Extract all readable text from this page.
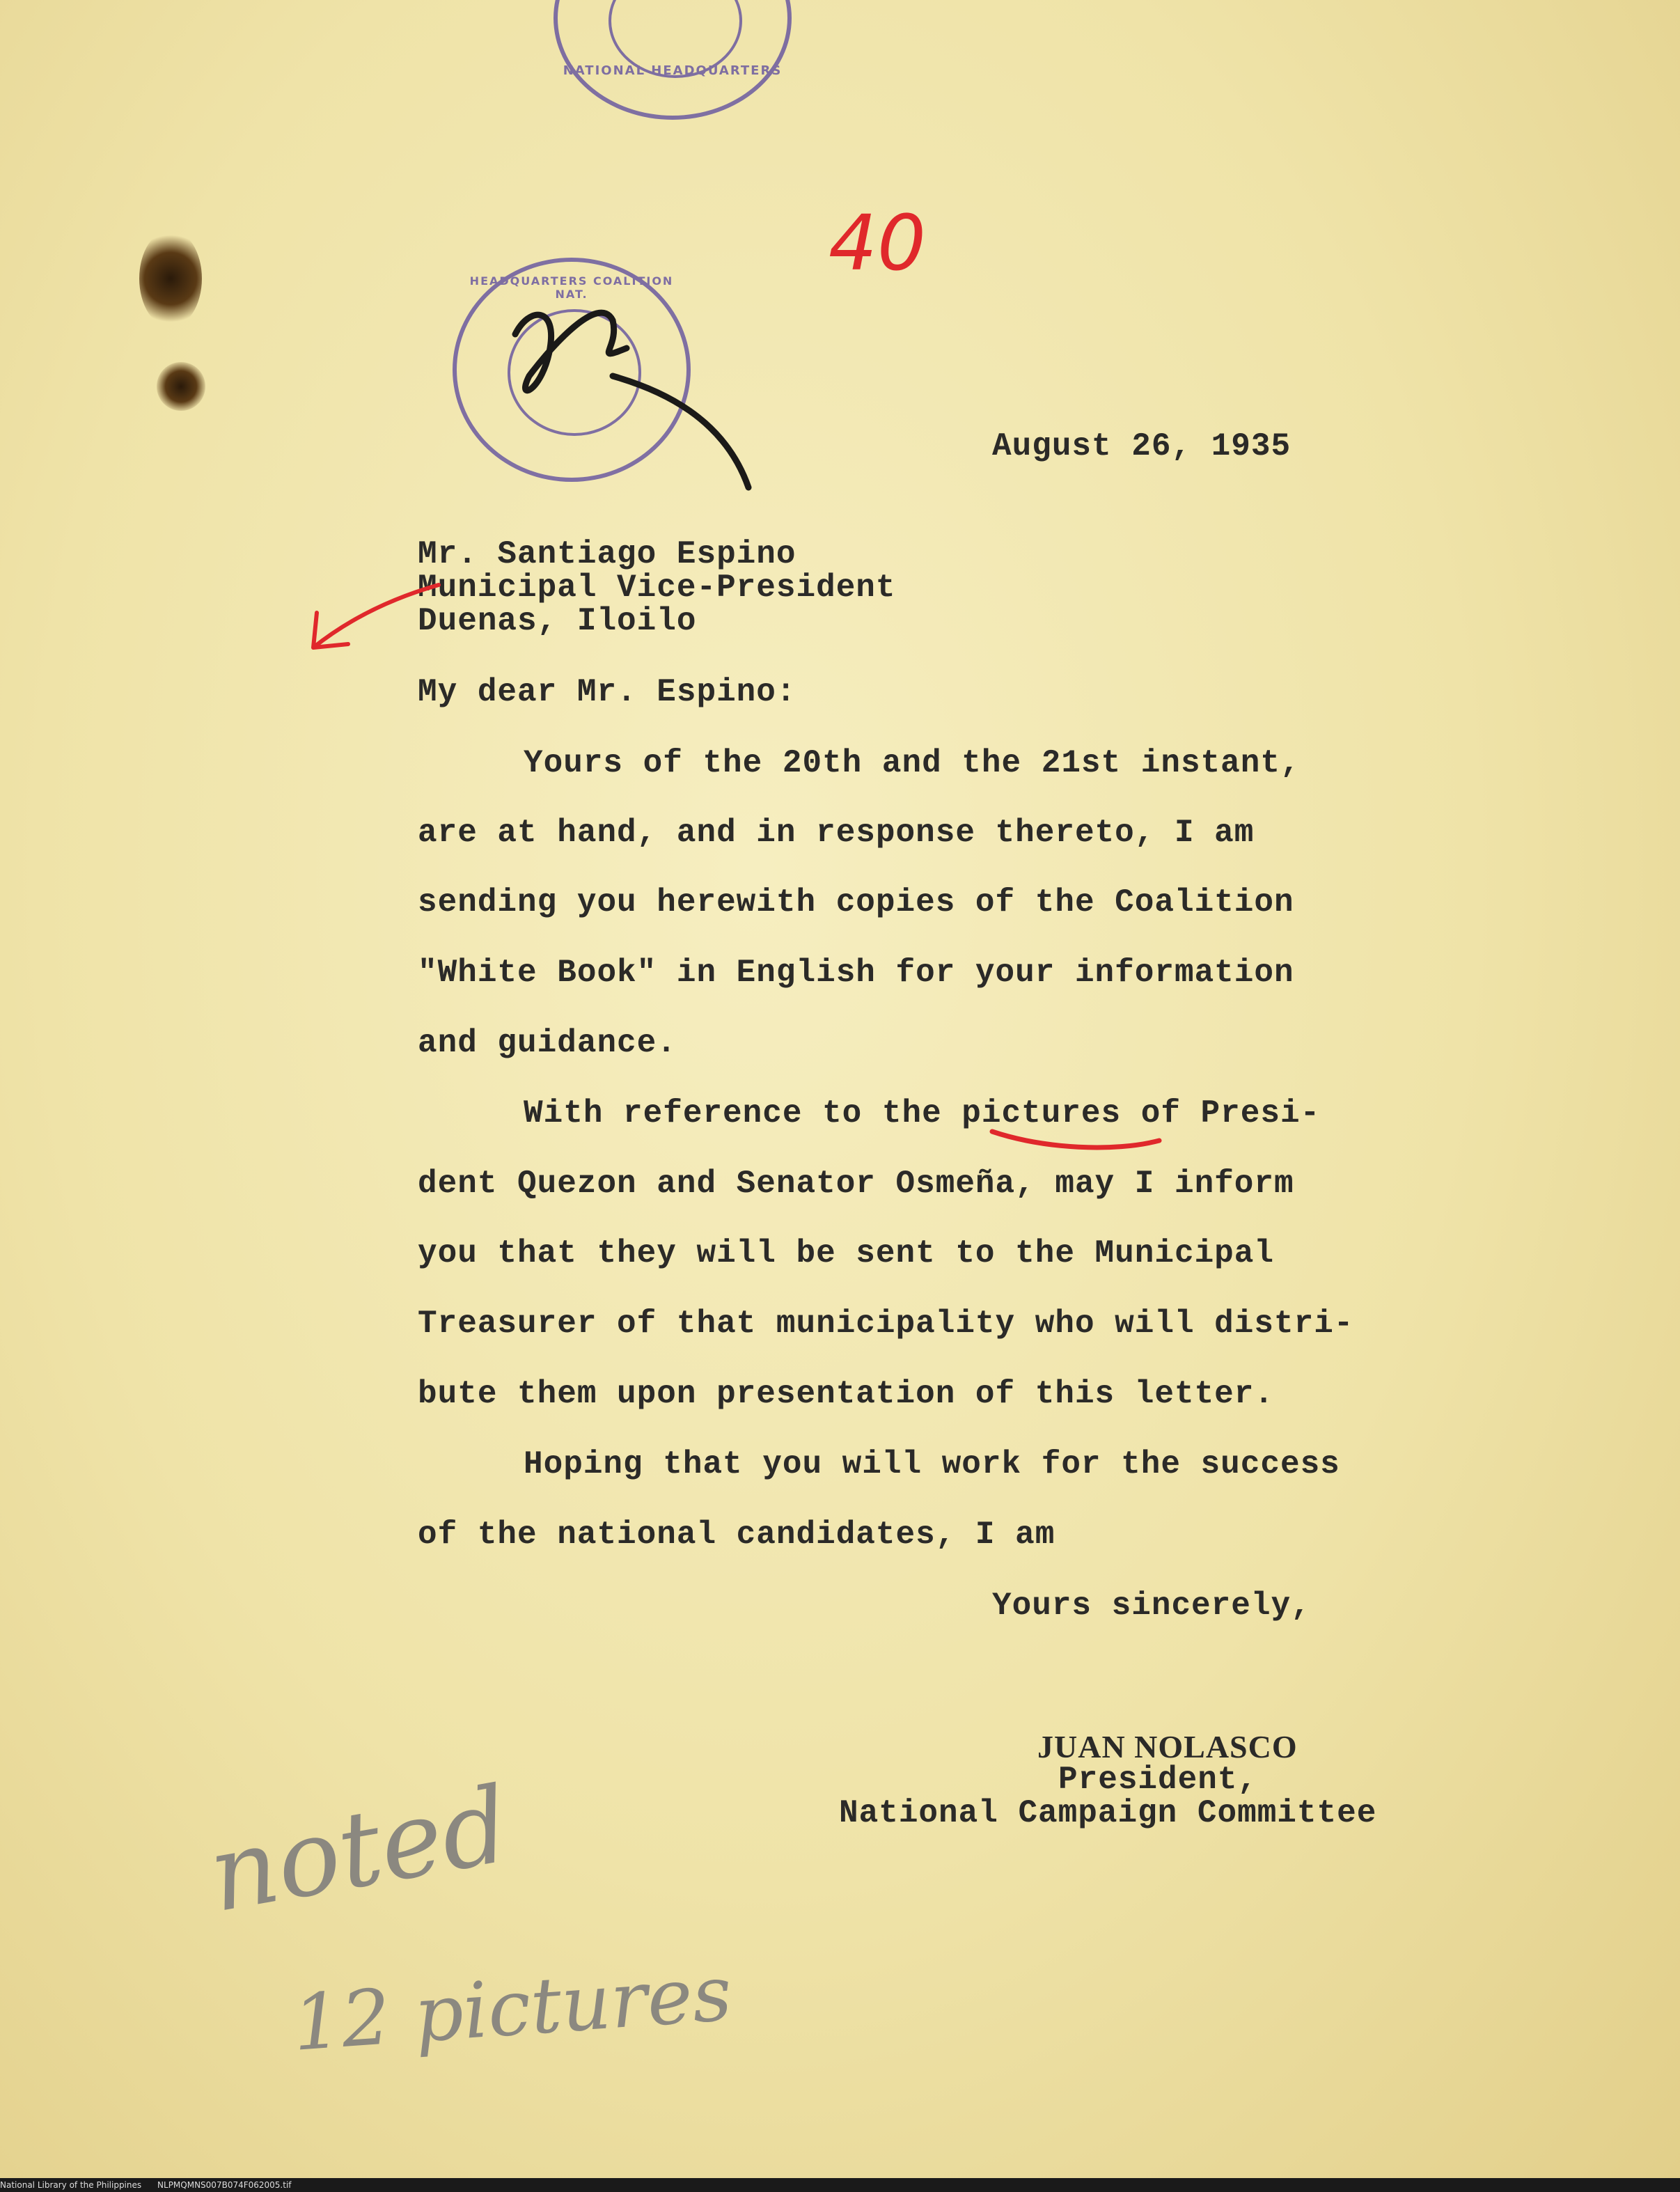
NATIONAL HEADQUARTERS
HEADQUARTERS COALITION NAT.
40
August 26, 1935
Mr. Santiago Espino
Municipal Vice-President
Duenas, Iloilo
My dear Mr. Espino:
Yours of the 20th and the 21st instant,
are at hand, and in response thereto, I am
sending you herewith copies of the Coalition
"White Book" in English for your information
and guidance.
With reference to the pictures of Presi-
dent Quezon and Senator Osmeña, may I inform
you that they will be sent to the Municipal
Treasurer of that municipality who will distri-
bute them upon presentation of this letter.
Hoping that you will work for the success
of the national candidates, I am
Yours sincerely,
JUAN NOLASCO
President,
National Campaign Committee
noted
12 pictures
National Library of the Philippines NLPMQMNS007B074F062005.tif
